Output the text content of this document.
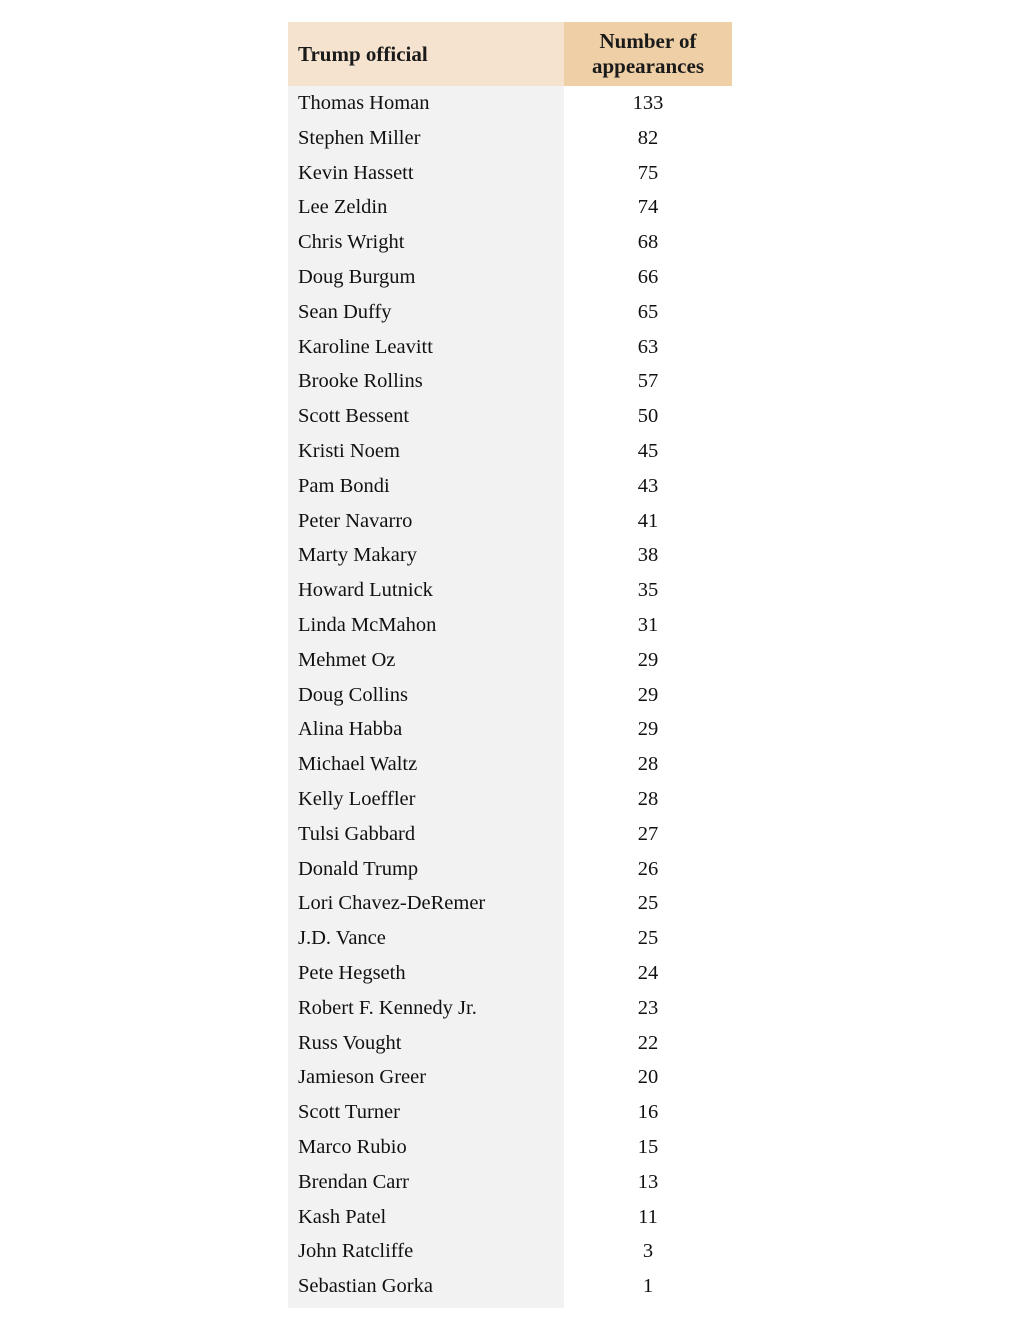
Trump official	Number of
appearances

Thomas Homan	133
Stephen Miller	82
Kevin Hassett	75
Lee Zeldin	74
Chris Wright	68
Doug Burgum	66
Sean Duffy	65
Karoline Leavitt	63
Brooke Rollins	57
Scott Bessent	50
Kristi Noem	45
Pam Bondi	43
Peter Navarro	41
Marty Makary	38
Howard Lutnick	35
Linda McMahon	31
Mehmet Oz	29
Doug Collins	29
Alina Habba	29
Michael Waltz	28
Kelly Loeffler	28
Tulsi Gabbard	27
Donald Trump	26
Lori Chavez-DeRemer	25
J.D. Vance	25
Pete Hegseth	24
Robert F. Kennedy Jr.	23
Russ Vought	22
Jamieson Greer	20
Scott Turner	16
Marco Rubio	15
Brendan Carr	13
Kash Patel	11
John Ratcliffe	3
Sebastian Gorka	1
